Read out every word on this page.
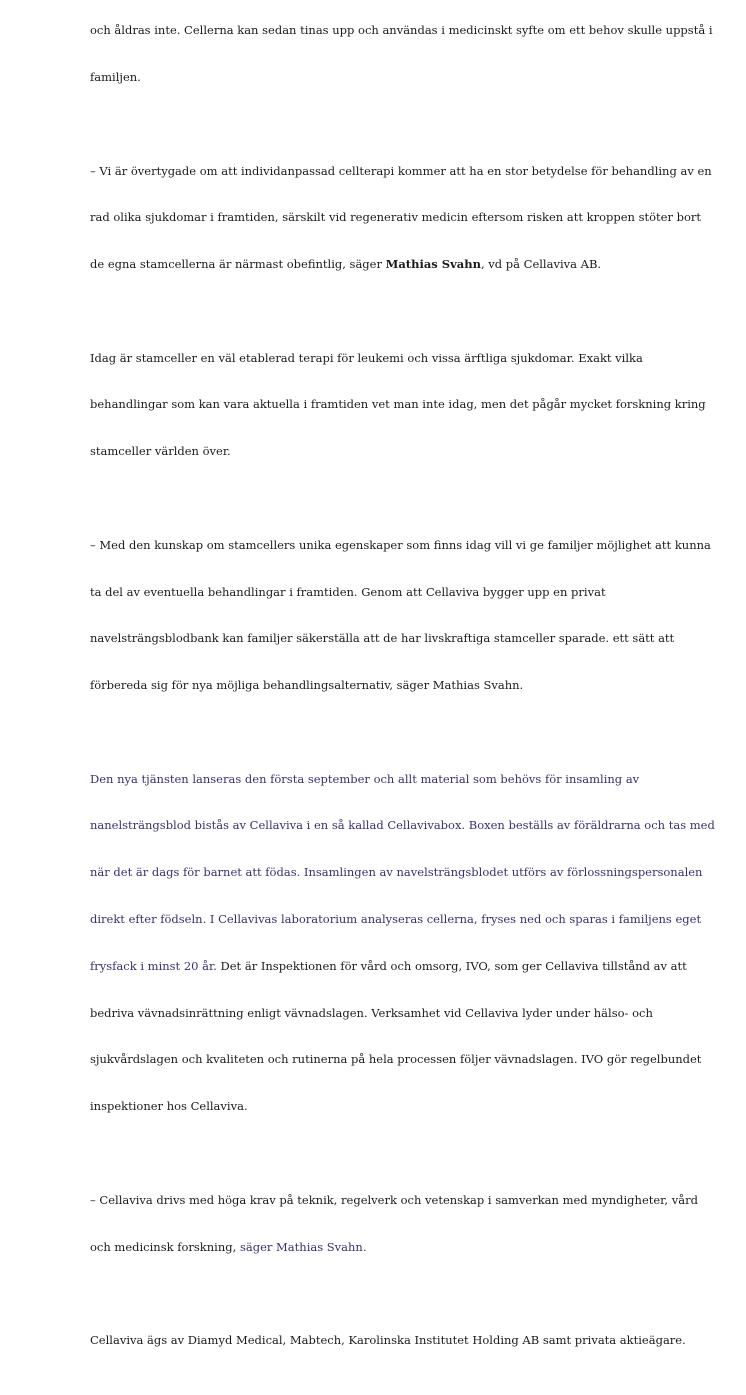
och åldras inte. Cellerna kan sedan tinas upp och användas i medicinskt syfte om ett behov skulle uppstå i

familjen.

– Vi är övertygade om att individanpassad cellterapi kommer att ha en stor betydelse för behandling av en

rad olika sjukdomar i framtiden, särskilt vid regenerativ medicin eftersom risken att kroppen stöter bort

de egna stamcellerna är närmast obefintlig, säger Mathias Svahn, vd på Cellaviva AB.

Idag är stamceller en väl etablerad terapi för leukemi och vissa ärftliga sjukdomar. Exakt vilka

behandlingar som kan vara aktuella i framtiden vet man inte idag, men det pågår mycket forskning kring

stamceller världen över.

– Med den kunskap om stamcellers unika egenskaper som finns idag vill vi ge familjer möjlighet att kunna

ta del av eventuella behandlingar i framtiden. Genom att Cellaviva bygger upp en privat

navelsträngsblodbank kan familjer säkerställa att de har livskraftiga stamceller sparade. ett sätt att

förbereda sig för nya möjliga behandlingsalternativ, säger Mathias Svahn.

Den nya tjänsten lanseras den första september och allt material som behövs för insamling av

nanelsträngsblod bistås av Cellaviva i en så kallad Cellavivabox. Boxen beställs av föräldrarna och tas med

när det är dags för barnet att födas. Insamlingen av navelsträngsblodet utförs av förlossningspersonalen

direkt efter födseln. I Cellavivas laboratorium analyseras cellerna, fryses ned och sparas i familjens eget

frysfack i minst 20 år. Det är Inspektionen för vård och omsorg, IVO, som ger Cellaviva tillstånd av att

bedriva vävnadsinrättning enligt vävnadslagen. Verksamhet vid Cellaviva lyder under hälso- och

sjukvårdslagen och kvaliteten och rutinerna på hela processen följer vävnadslagen. IVO gör regelbundet

inspektioner hos Cellaviva.

– Cellaviva drivs med höga krav på teknik, regelverk och vetenskap i samverkan med myndigheter, vård

och medicinsk forskning, säger Mathias Svahn.

Cellaviva ägs av Diamyd Medical, Mabtech, Karolinska Institutet Holding AB samt privata aktieägare.
